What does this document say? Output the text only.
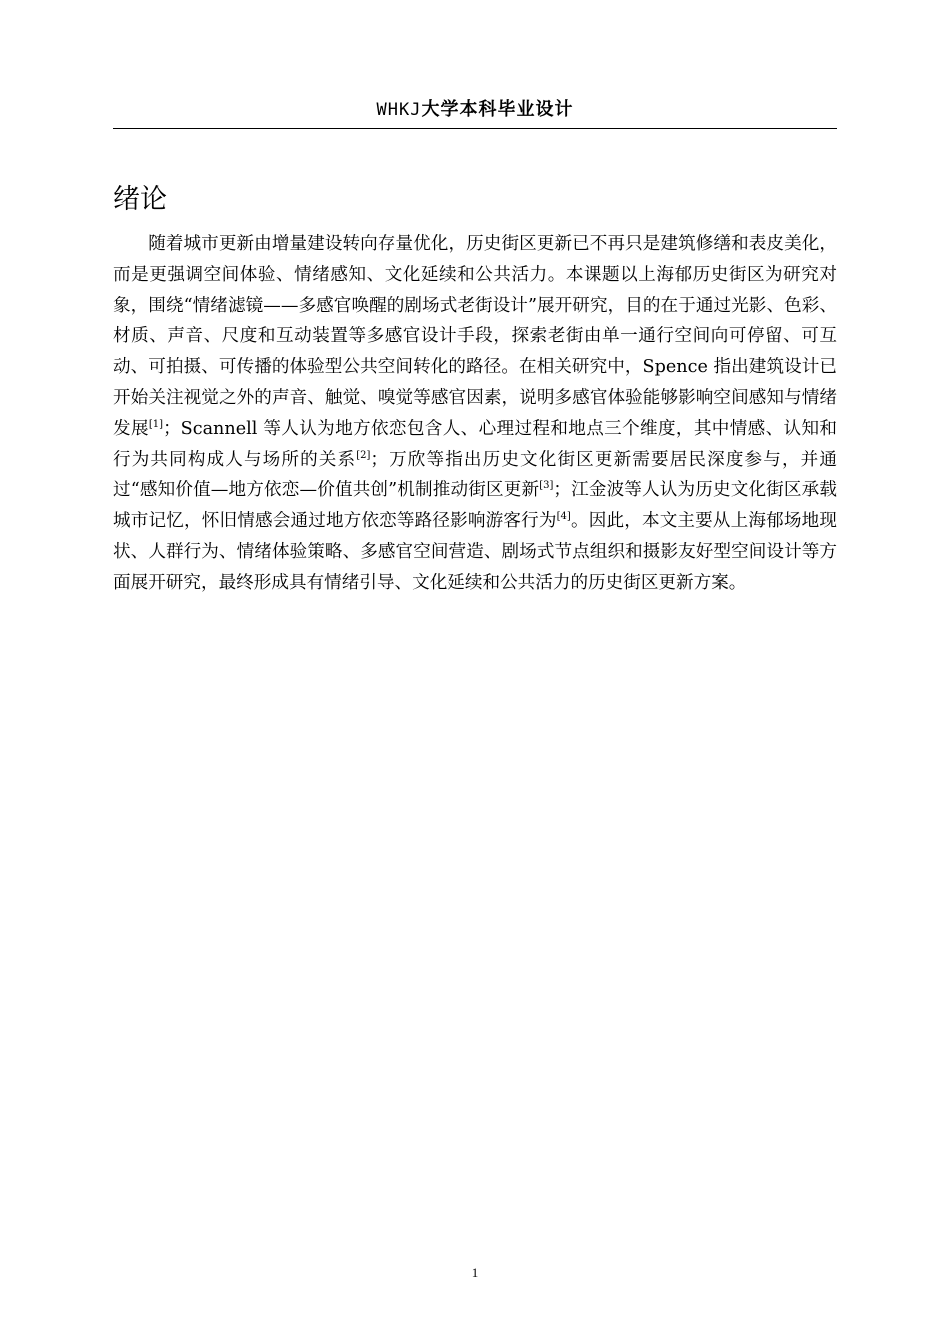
WHKJ大学本科毕业设计
绪论

随着城市更新由增量建设转向存量优化，历史街区更新已不再只是建筑修缮和表皮美化，而是更强调空间体验、情绪感知、文化延续和公共活力。本课题以上海郁历史街区为研究对象，围绕“情绪滤镜——多感官唤醒的剧场式老街设计”展开研究，目的在于通过光影、色彩、材质、声音、尺度和互动装置等多感官设计手段，探索老街由单一通行空间向可停留、可互动、可拍摄、可传播的体验型公共空间转化的路径。在相关研究中，Spence 指出建筑设计已开始关注视觉之外的声音、触觉、嗅觉等感官因素，说明多感官体验能够影响空间感知与情绪发展[1]；Scannell 等人认为地方依恋包含人、心理过程和地点三个维度，其中情感、认知和行为共同构成人与场所的关系[2]；万欣等指出历史文化街区更新需要居民深度参与，并通过“感知价值—地方依恋—价值共创”机制推动街区更新[3]；江金波等人认为历史文化街区承载城市记忆，怀旧情感会通过地方依恋等路径影响游客行为[4]。因此，本文主要从上海郁场地现状、人群行为、情绪体验策略、多感官空间营造、剧场式节点组织和摄影友好型空间设计等方面展开研究，最终形成具有情绪引导、文化延续和公共活力的历史街区更新方案。

1
